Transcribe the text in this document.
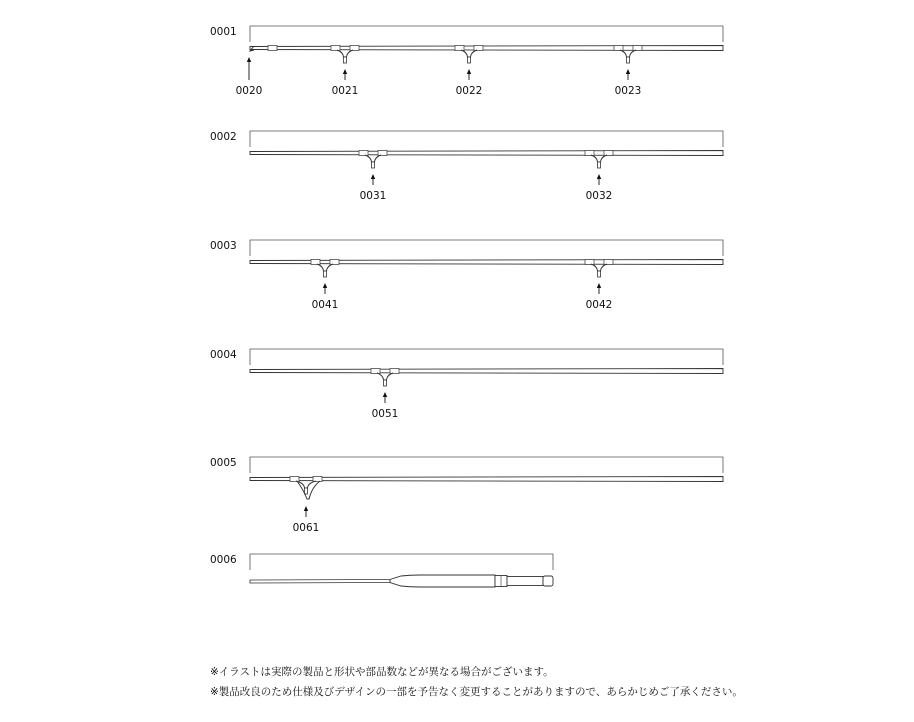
0001
0020	0021	0022	0023
0002
0031	0032
0003
0041	0042
0004
0051
0005
0061
0006
※イラストは実際の製品と形状や部品数などが異なる場合がございます。
※製品改良のため仕様及びデザインの一部を予告なく変更することがありますので、あらかじめご了承ください。
